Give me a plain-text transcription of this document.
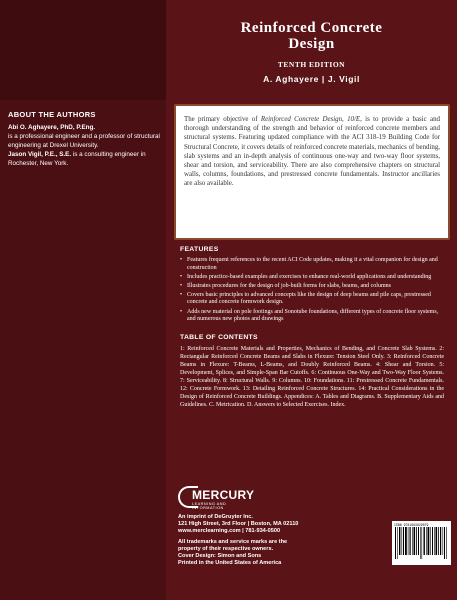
Reinforced Concrete
Design
TENTH EDITION
A. Aghayere | J. Vigil
ABOUT THE AUTHORS
Abi O. Aghayere, PhD, P.Eng.
is a professional engineer and a professor of structural engineering at Drexel University.
Jason Vigil, P.E., S.E. is a consulting engineer in Rochester, New York.

The primary objective of Reinforced Concrete Design, 10/E, is to provide a basic and thorough understanding of the strength and behavior of reinforced concrete members and structural systems. Featuring updated compliance with the ACI 318-19 Building Code for Structural Concrete, it covers details of reinforced concrete materials, mechanics of bending, slab systems and an in-depth analysis of continuous one-way and two-way floor systems, shear and torsion, and serviceability. There are also comprehensive chapters on structural walls, columns, foundations, and prestressed concrete fundamentals. Instructor ancillaries are also available.

FEATURES
• Features frequent references to the recent ACI Code updates, making it a vital companion for design and construction
• Includes practice-based examples and exercises to enhance real-world applications and understanding
• Illustrates procedures for the design of job-built forms for slabs, beams, and columns
• Covers basic principles to advanced concepts like the design of deep beams and pile caps, prestressed concrete and concrete formwork design.
• Adds new material on pole footings and Sonotube foundations, different types of concrete floor systems, and numerous new photos and drawings
TABLE OF CONTENTS

1: Reinforced Concrete Materials and Properties, Mechanics of Bending, and Concrete Slab Systems. 2: Rectangular Reinforced Concrete Beams and Slabs in Flexure: Tension Steel Only. 3: Reinforced Concrete Beams in Flexure: T-Beams, L-Beams, and Doubly Reinforced Beams. 4: Shear and Torsion. 5: Development, Splices, and Simple-Span Bar Cutoffs. 6: Continuous One-Way and Two-Way Floor Systems. 7: Serviceability. 8: Structural Walls. 9: Columns. 10: Foundations. 11: Prestressed Concrete Fundamentals. 12: Concrete Formwork. 13: Detailing Reinforced Concrete Structures. 14: Practical Considerations in the Design of Reinforced Concrete Buildings. Appendices: A. Tables and Diagrams. B. Supplementary Aids and Guidelines. C. Metrication. D. Answers to Selected Exercises. Index.

MERCURY
LEARNING AND INFORMATION
An imprint of DeGruyter Inc.
121 High Street, 3rd Floor | Boston, MA 02110
www.merclearning.com | 781-934-0500
All trademarks and service marks are the
property of their respective owners.
Cover Design: Simon and Sons
Printed in the United States of America
ISBN 9781683929079
